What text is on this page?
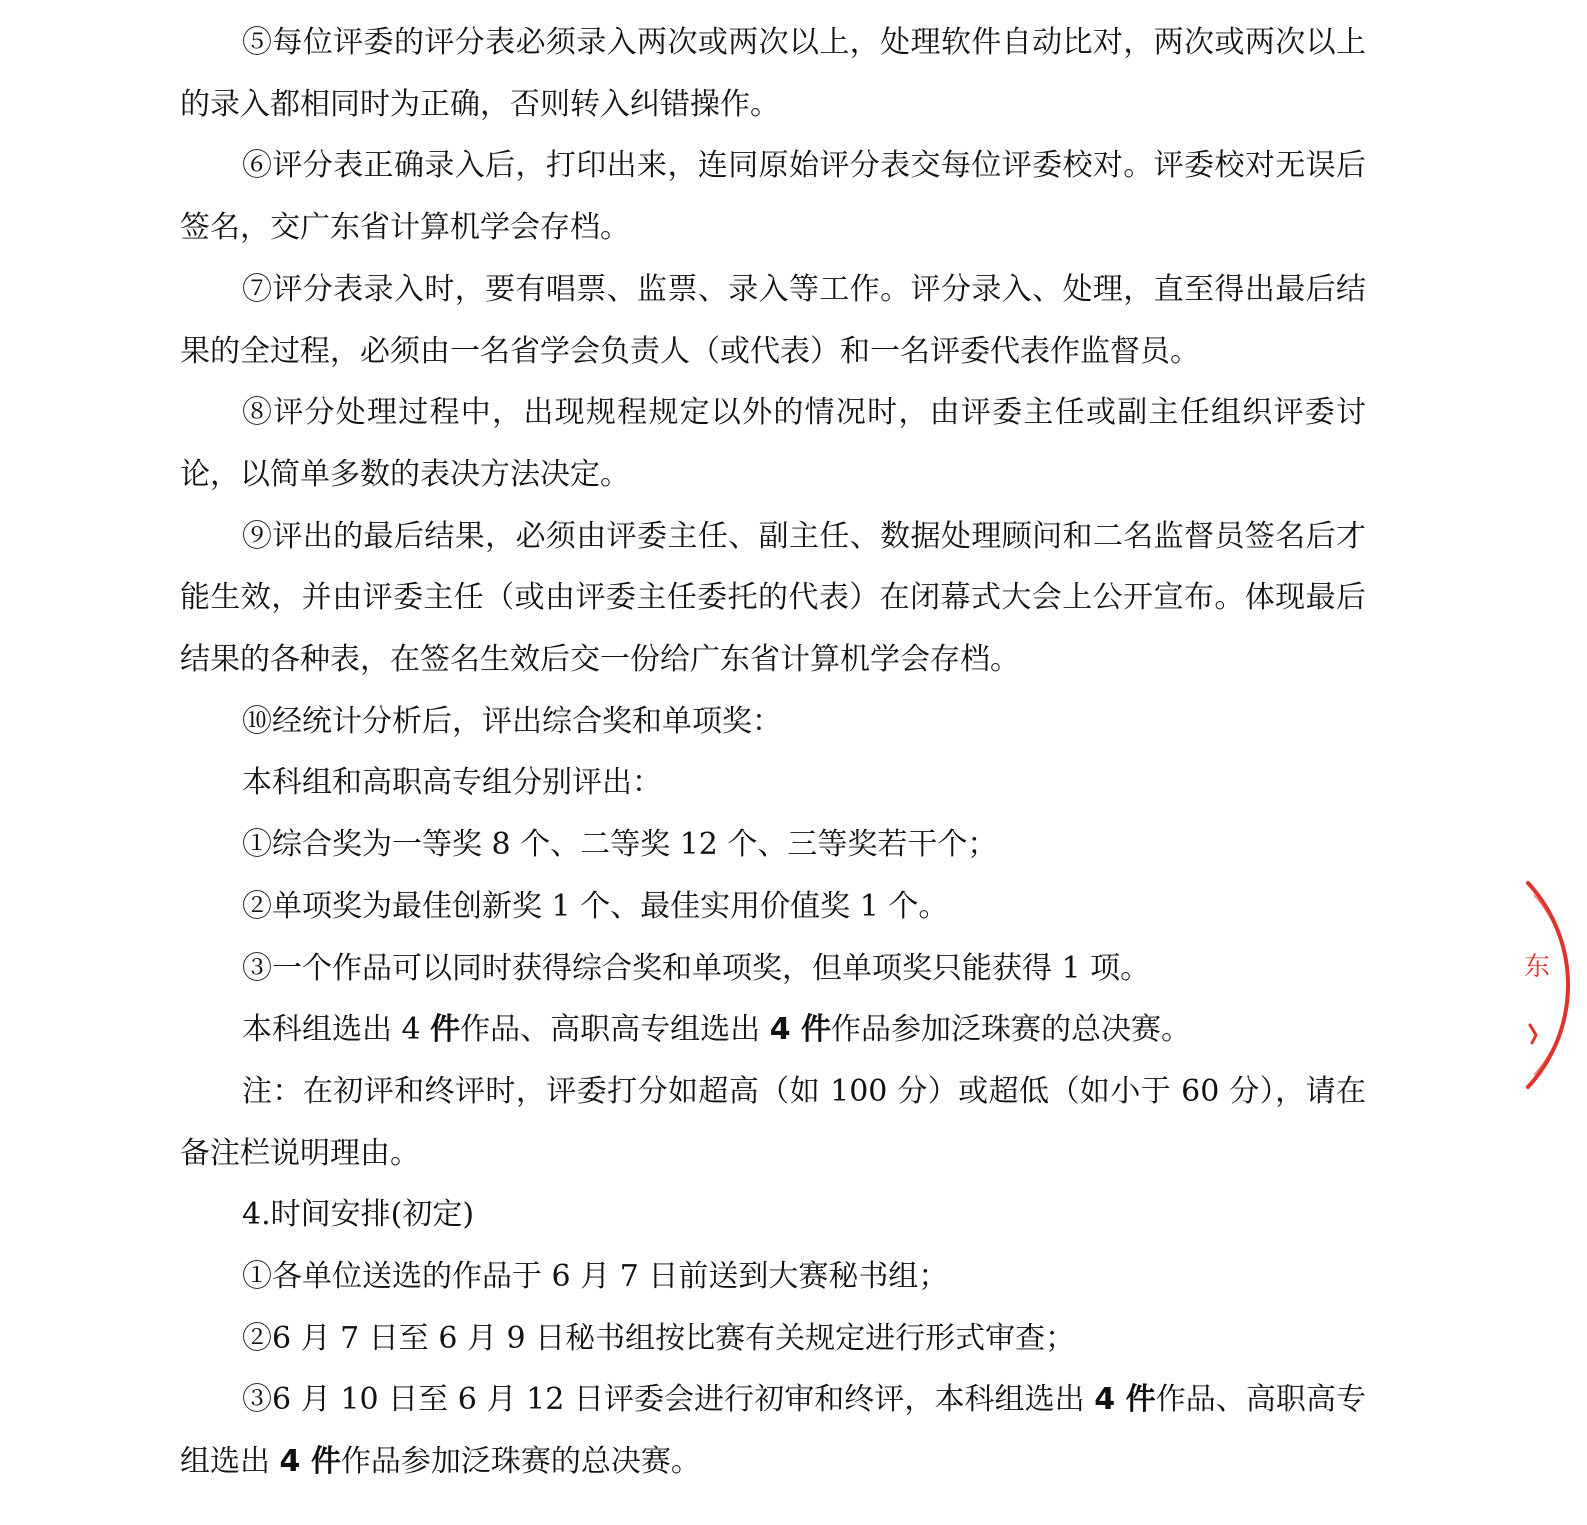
⑤每位评委的评分表必须录入两次或两次以上，处理软件自动比对，两次或两次以上的录入都相同时为正确，否则转入纠错操作。

⑥评分表正确录入后，打印出来，连同原始评分表交每位评委校对。评委校对无误后签名，交广东省计算机学会存档。

⑦评分表录入时，要有唱票、监票、录入等工作。评分录入、处理，直至得出最后结果的全过程，必须由一名省学会负责人（或代表）和一名评委代表作监督员。

⑧评分处理过程中，出现规程规定以外的情况时，由评委主任或副主任组织评委讨论，以简单多数的表决方法决定。

⑨评出的最后结果，必须由评委主任、副主任、数据处理顾问和二名监督员签名后才能生效，并由评委主任（或由评委主任委托的代表）在闭幕式大会上公开宣布。体现最后结果的各种表，在签名生效后交一份给广东省计算机学会存档。

⑩经统计分析后，评出综合奖和单项奖：

本科组和高职高专组分别评出：

①综合奖为一等奖 8 个、二等奖 12 个、三等奖若干个；

②单项奖为最佳创新奖 1 个、最佳实用价值奖 1 个。

③一个作品可以同时获得综合奖和单项奖，但单项奖只能获得 1 项。

本科组选出 4 件作品、高职高专组选出 4 件作品参加泛珠赛的总决赛。

注：在初评和终评时，评委打分如超高（如 100 分）或超低（如小于 60 分），请在备注栏说明理由。

4.时间安排(初定)

①各单位送选的作品于 6 月 7 日前送到大赛秘书组；

②6 月 7 日至 6 月 9 日秘书组按比赛有关规定进行形式审查；

③6 月 10 日至 6 月 12 日评委会进行初审和终评，本科组选出 4 件作品、高职高专组选出 4 件作品参加泛珠赛的总决赛。

东
